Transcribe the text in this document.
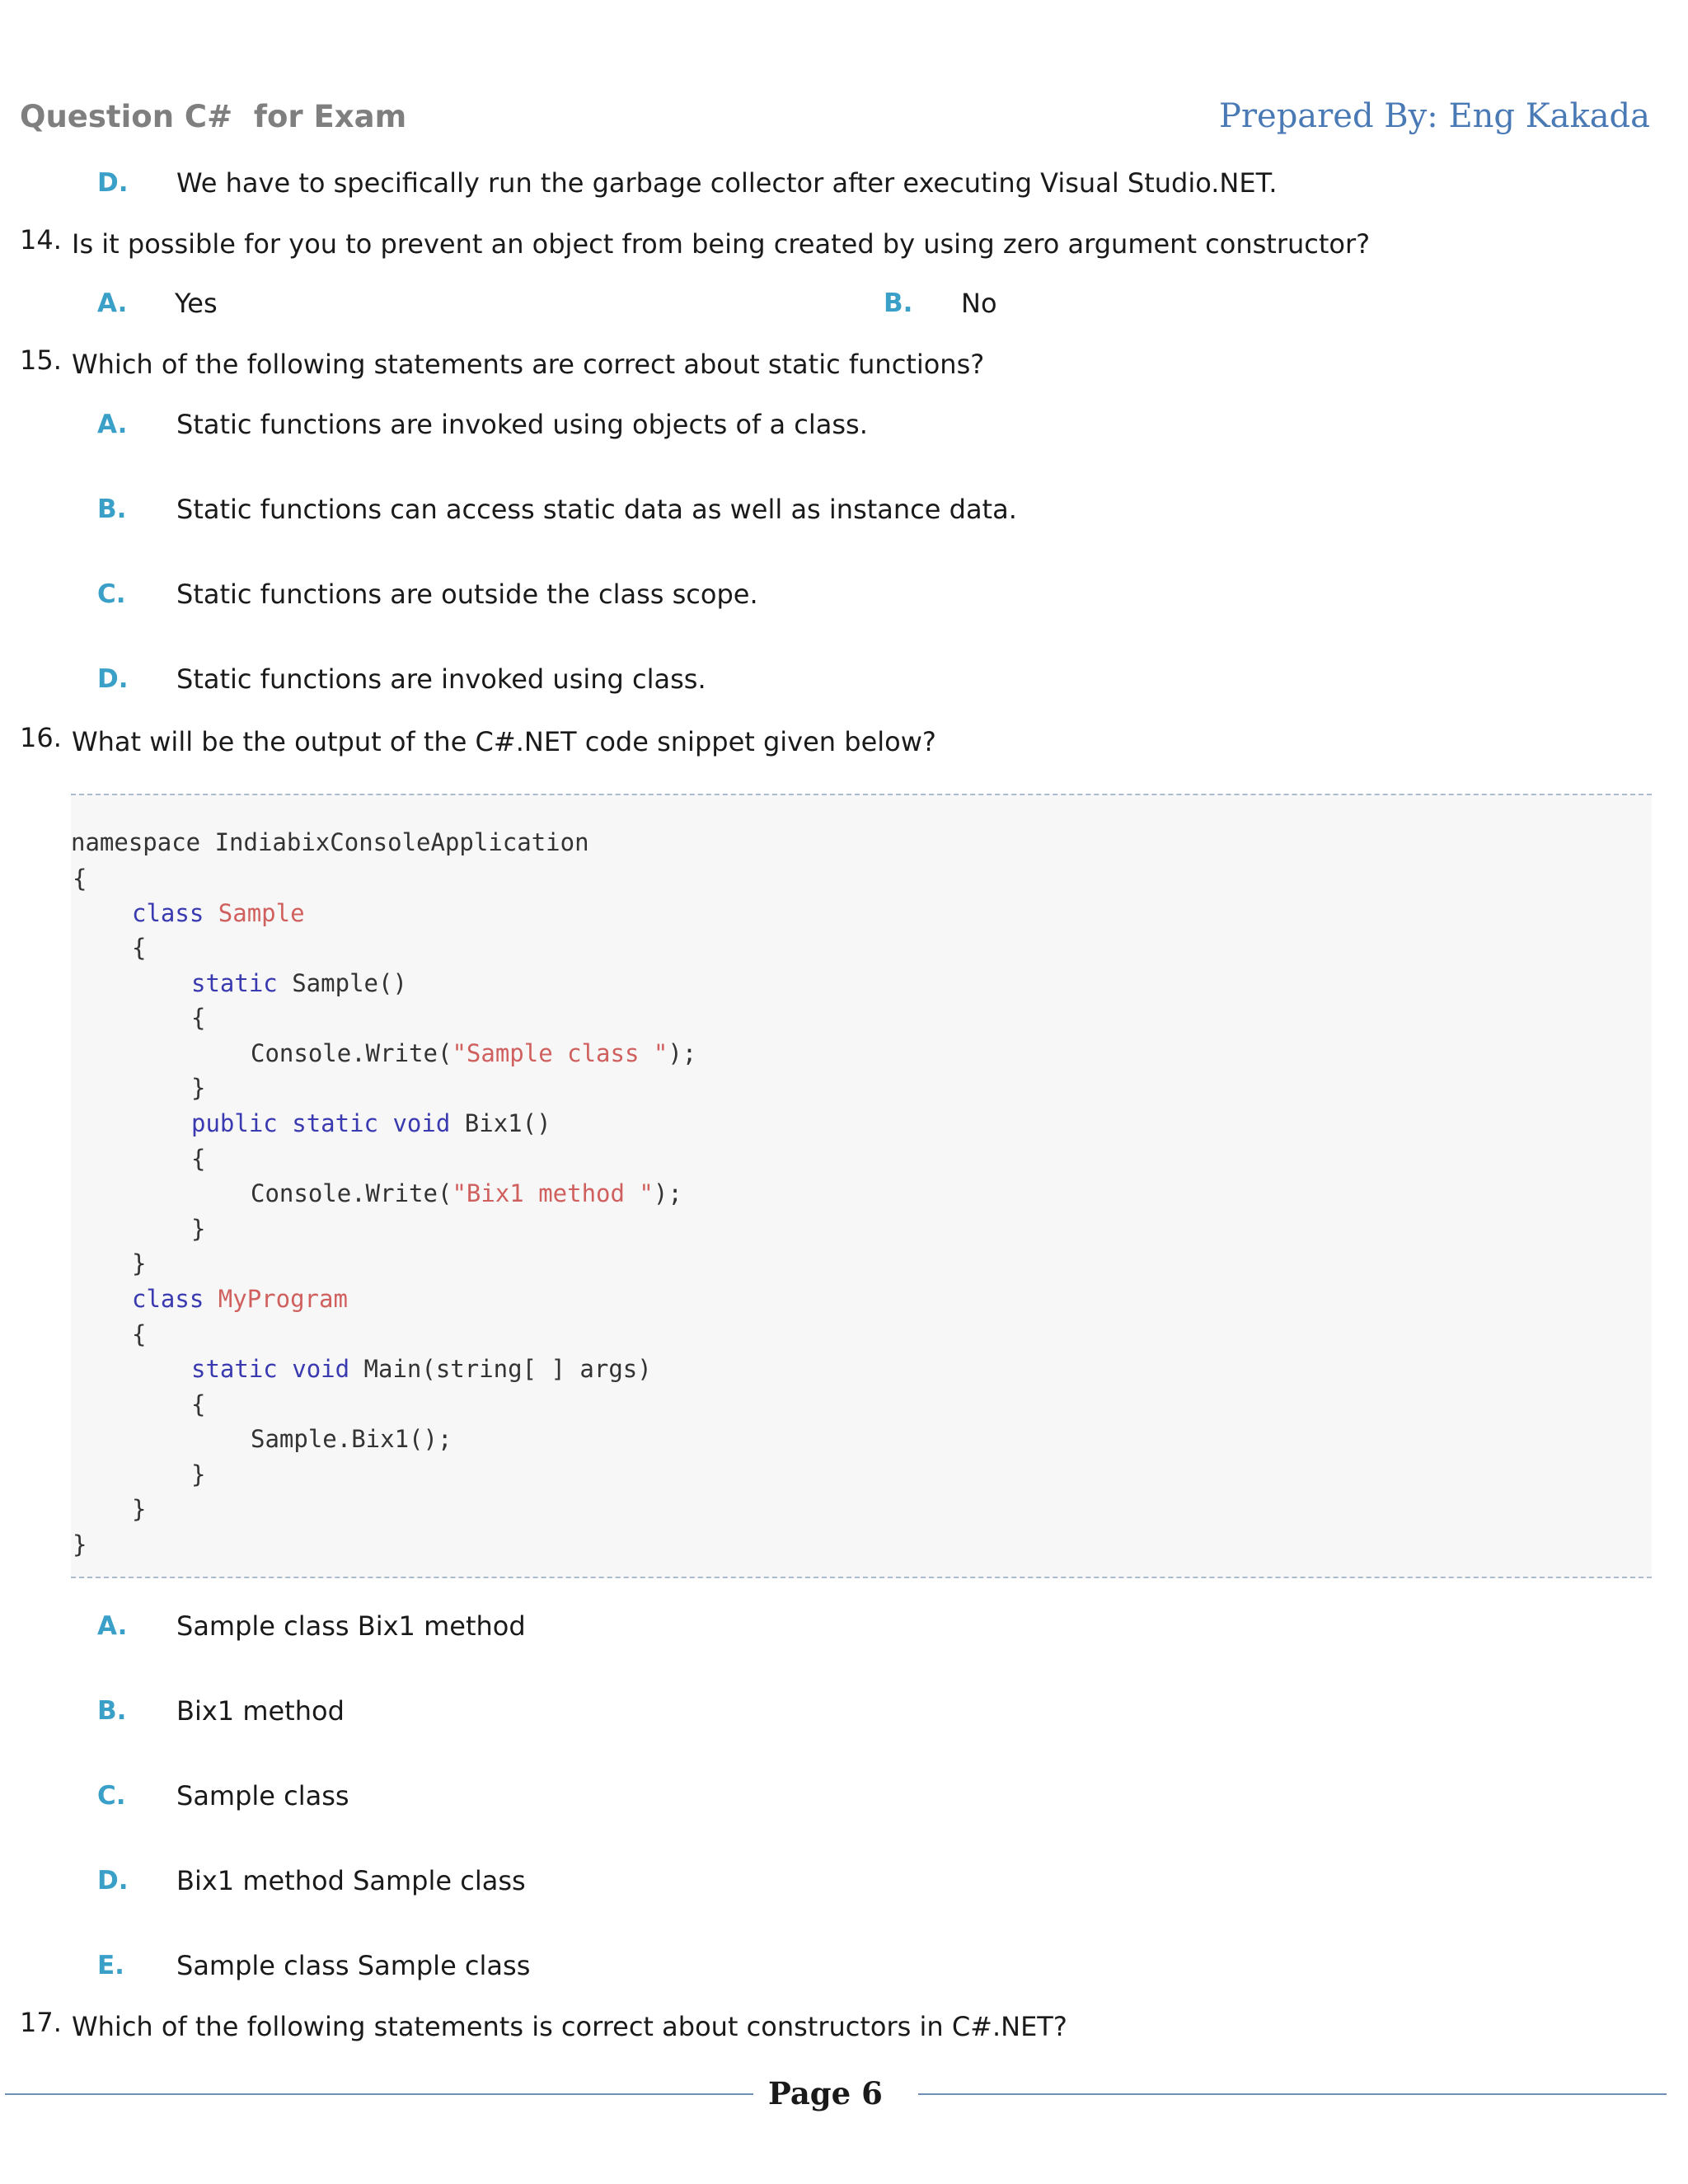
Question C#  for Exam	Prepared By: Eng Kakada
D. We have to specifically run the garbage collector after executing Visual Studio.NET.
14. Is it possible for you to prevent an object from being created by using zero argument constructor?
A. Yes	B. No
15. Which of the following statements are correct about static functions?
A. Static functions are invoked using objects of a class.
B. Static functions can access static data as well as instance data.
C. Static functions are outside the class scope.
D. Static functions are invoked using class.
16. What will be the output of the C#.NET code snippet given below?
namespace IndiabixConsoleApplication
{
class Sample
{
static Sample()
{
Console.Write("Sample class ");
}
public static void Bix1()
{
Console.Write("Bix1 method ");
}
}
class MyProgram
{
static void Main(string[ ] args)
{
Sample.Bix1();
}
}
}
A. Sample class Bix1 method
B. Bix1 method
C. Sample class
D. Bix1 method Sample class
E. Sample class Sample class
17. Which of the following statements is correct about constructors in C#.NET?
Page 6
